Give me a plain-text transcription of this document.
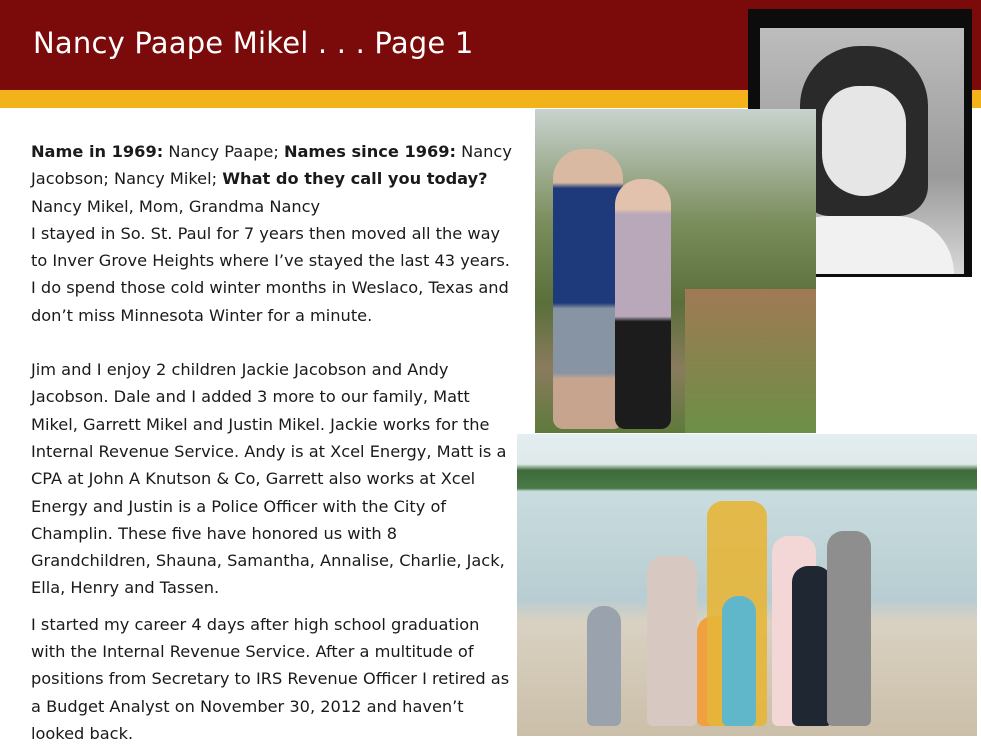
Nancy Paape Mikel . . . Page 1

Name in 1969: Nancy Paape; Names since 1969: Nancy Jacobson; Nancy Mikel; What do they call you today? Nancy Mikel, Mom, Grandma Nancy

I stayed in So. St. Paul for 7 years then moved all the way to Inver Grove Heights where I’ve stayed the last 43 years. I do spend those cold winter months in Weslaco, Texas and don’t miss Minnesota Winter for a minute.

Jim and I enjoy 2 children Jackie Jacobson and Andy Jacobson. Dale and I added 3 more to our family, Matt Mikel, Garrett Mikel and Justin Mikel. Jackie works for the Internal Revenue Service. Andy is at Xcel Energy, Matt is a CPA at John A Knutson & Co, Garrett also works at Xcel Energy and Justin is a Police Officer with the City of Champlin. These five have honored us with 8 Grandchildren, Shauna, Samantha, Annalise, Charlie, Jack, Ella, Henry and Tassen.

I started my career 4 days after high school graduation with the Internal Revenue Service. After a multitude of positions from Secretary to IRS Revenue Officer I retired as a Budget Analyst on November 30, 2012 and haven’t looked back.
